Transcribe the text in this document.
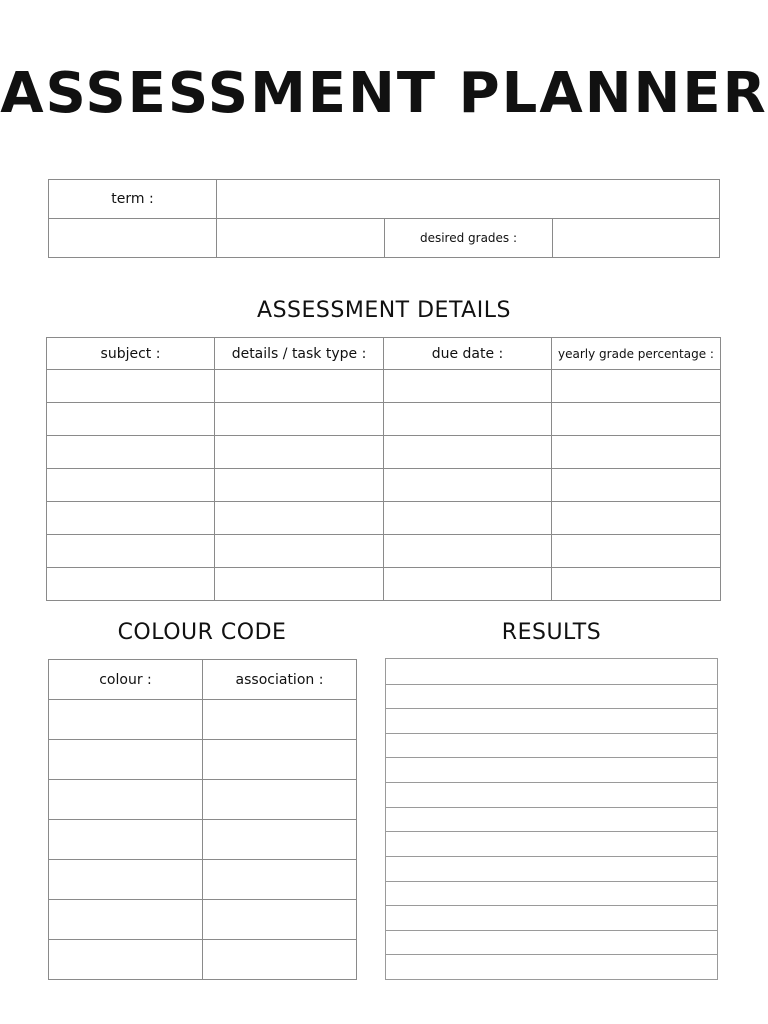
ASSESSMENT PLANNER
term :			
		desired grades :	
ASSESSMENT DETAILS
subject :	details / task type :	due date :	yearly grade percentage :

COLOUR CODE
colour :	association :

RESULTS
